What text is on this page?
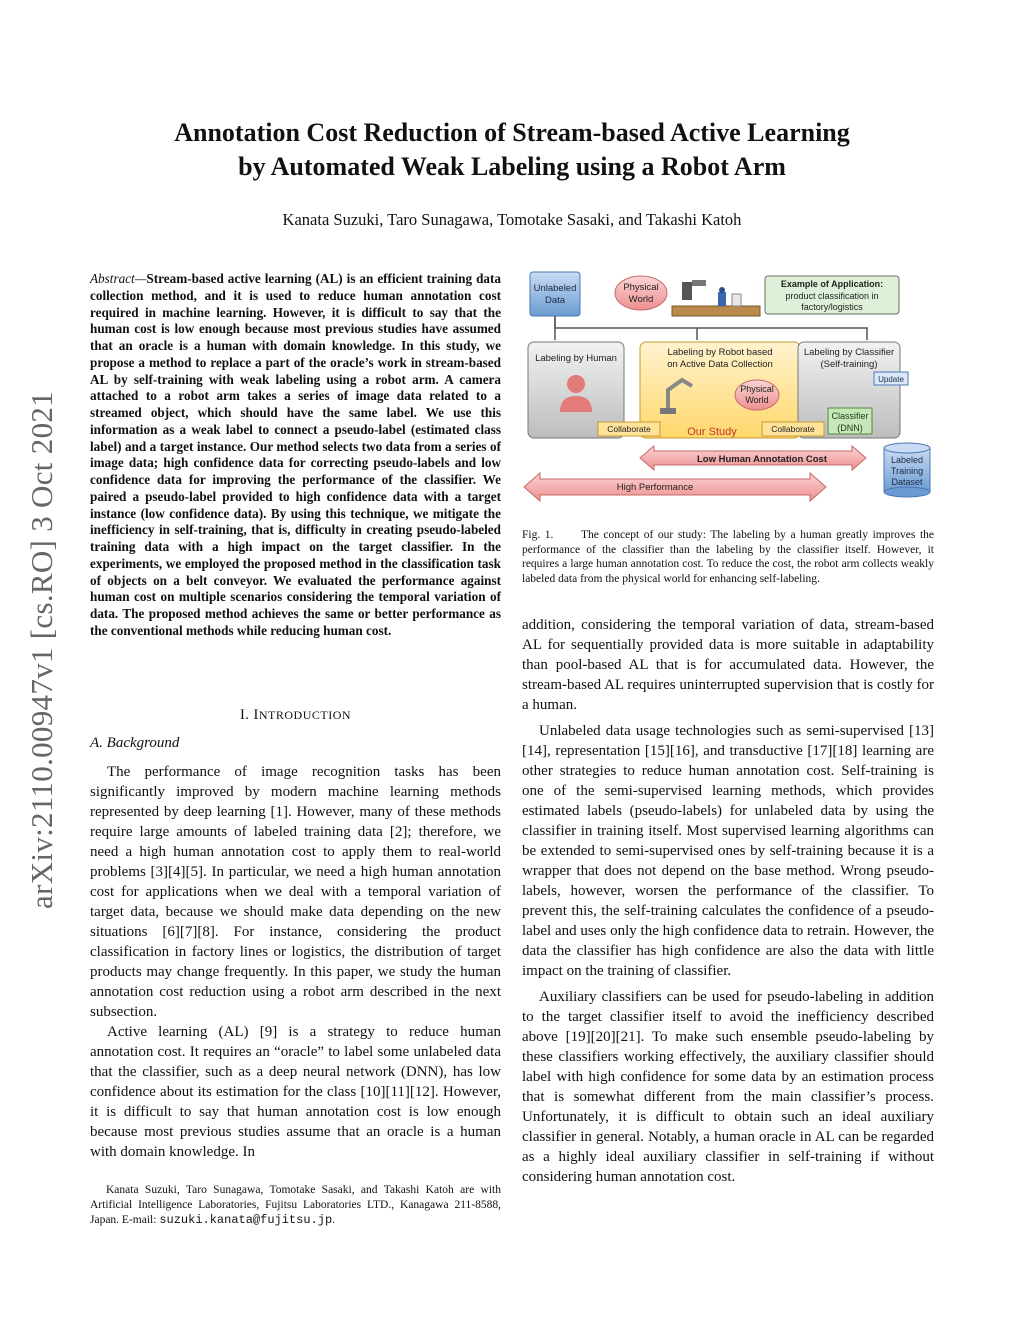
Annotation Cost Reduction of Stream-based Active Learning
by Automated Weak Labeling using a Robot Arm
Kanata Suzuki, Taro Sunagawa, Tomotake Sasaki, and Takashi Katoh
arXiv:2110.00947v1 [cs.RO] 3 Oct 2021
Abstract—Stream-based active learning (AL) is an efficient training data collection method, and it is used to reduce human annotation cost required in machine learning. However, it is difficult to say that the human cost is low enough because most previous studies have assumed that an oracle is a human with domain knowledge. In this study, we propose a method to replace a part of the oracle’s work in stream-based AL by self-training with weak labeling using a robot arm. A camera attached to a robot arm takes a series of image data related to a streamed object, which should have the same label. We use this information as a weak label to connect a pseudo-label (estimated class label) and a target instance. Our method selects two data from a series of image data; high confidence data for correcting pseudo-labels and low confidence data for improving the performance of the classifier. We paired a pseudo-label provided to high confidence data with a target instance (low confidence data). By using this technique, we mitigate the inefficiency in self-training, that is, difficulty in creating pseudo-labeled training data with a high impact on the target classifier. In the experiments, we employed the proposed method in the classification task of objects on a belt conveyor. We evaluated the performance against human cost on multiple scenarios considering the temporal variation of data. The proposed method achieves the same or better performance as the conventional methods while reducing human cost.
I. INTRODUCTION
A. Background

The performance of image recognition tasks has been significantly improved by modern machine learning methods represented by deep learning [1]. However, many of these methods require large amounts of labeled training data [2]; therefore, we need a high human annotation cost to apply them to real-world problems [3][4][5]. In particular, we need a high human annotation cost for applications when we deal with a temporal variation of target data, because we should make data depending on the new situations [6][7][8]. For instance, considering the product classification in factory lines or logistics, the distribution of target products may change frequently. In this paper, we study the human annotation cost reduction using a robot arm described in the next subsection.

Active learning (AL) [9] is a strategy to reduce human annotation cost. It requires an “oracle” to label some unlabeled data that the classifier, such as a deep neural network (DNN), has low confidence about its estimation for the class [10][11][12]. However, it is difficult to say that human annotation cost is low enough because most previous studies assume that an oracle is a human with domain knowledge. In

Kanata Suzuki, Taro Sunagawa, Tomotake Sasaki, and Takashi Katoh are with Artificial Intelligence Laboratories, Fujitsu Laboratories LTD., Kanagawa 211-8588, Japan. E-mail: suzuki.kanata@fujitsu.jp.
Unlabeled
Data
Physical
World
Example of Application:
product classification in
factory/logistics
Labeling by Human
Labeling by Robot based
on Active Data Collection
Physical
World
Our Study
Labeling by Classifier
(Self-training)
Update
Classifier
(DNN)
Collaborate	Collaborate
Low Human Annotation Cost
High Performance
Labeled
Training
Dataset
Fig. 1. The concept of our study: The labeling by a human greatly improves the performance of the classifier than the labeling by the classifier itself. However, it requires a large human annotation cost. To reduce the cost, the robot arm collects weakly labeled data from the physical world for enhancing self-labeling.

addition, considering the temporal variation of data, stream-based AL for sequentially provided data is more suitable in adaptability than pool-based AL that is for accumulated data. However, the stream-based AL requires uninterrupted supervision that is costly for a human.

Unlabeled data usage technologies such as semi-supervised [13][14], representation [15][16], and transductive [17][18] learning are other strategies to reduce human annotation cost. Self-training is one of the semi-supervised learning methods, which provides estimated labels (pseudo-labels) for unlabeled data by using the classifier in training itself. Most supervised learning algorithms can be extended to semi-supervised ones by self-training because it is a wrapper that does not depend on the base method. Wrong pseudo-labels, however, worsen the performance of the classifier. To prevent this, the self-training calculates the confidence of a pseudo-label and uses only the high confidence data to retrain. However, the data the classifier has high confidence are also the data with little impact on the training of classifier.

Auxiliary classifiers can be used for pseudo-labeling in addition to the target classifier itself to avoid the inefficiency described above [19][20][21]. To make such ensemble pseudo-labeling by these classifiers working effectively, the auxiliary classifier should label with high confidence for some data by an estimation process that is somewhat different from the main classifier’s process. Unfortunately, it is difficult to obtain such an ideal auxiliary classifier in general. Notably, a human oracle in AL can be regarded as a highly ideal auxiliary classifier in self-training if without considering human annotation cost.
